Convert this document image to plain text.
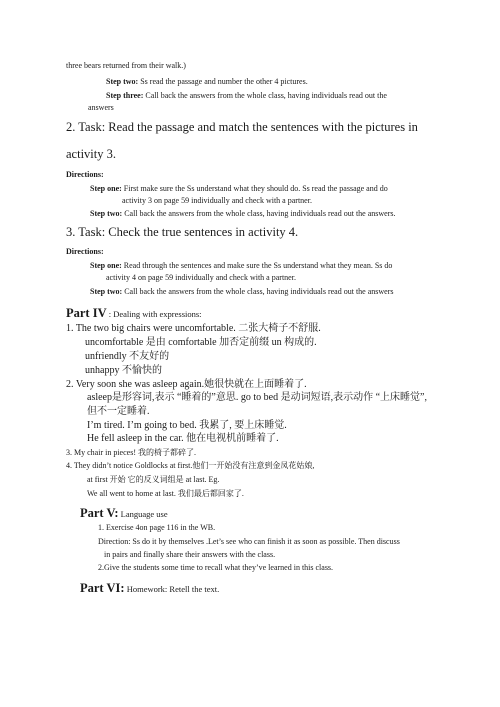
three bears returned from their walk.)
Step two: Ss read the passage and number the other 4 pictures.
Step three: Call back the answers from the whole class, having individuals read out the
answers
2. Task: Read the passage and match the sentences with the pictures in
activity 3.
Directions:
Step one: First make sure the Ss understand what they should do. Ss read the passage and do
activity 3 on page 59 individually and check with a partner.
Step two: Call back the answers from the whole class, having individuals read out the answers.
3. Task: Check the true sentences in activity 4.
Directions:
Step one: Read through the sentences and make sure the Ss understand what they mean. Ss do
activity 4 on page 59 individually and check with a partner.
Step two: Call back the answers from the whole class, having individuals read out the answers
Part IV : Dealing with expressions:
1. The two big chairs were uncomfortable. 二张大椅子不舒服.
uncomfortable 是由 comfortable 加否定前缀 un 构成的.
unfriendly 不友好的
unhappy 不愉快的
2. Very soon she was asleep again.她很快就在上面睡着了.
asleep是形容词,表示 “睡着的”意思. go to bed 是动词短语,表示动作 “上床睡觉”,
但不一定睡着.
I’m tired. I’m going to bed. 我累了, 要上床睡觉.
He fell asleep in the car. 他在电视机前睡着了.
3. My chair in pieces! 我的椅子都碎了.
4. They didn’t notice Goldlocks at first.他们一开始没有注意到金凤花姑娘,
at first 开始 它的反义词组是 at last. Eg.
We all went to home at last. 我们最后都回家了.
Part V: Language use
1. Exercise 4on page 116 in the WB.
Direction: Ss do it by themselves .Let’s see who can finish it as soon as possible. Then discuss
in pairs and finally share their answers with the class.
2.Give the students some time to recall what they’ve learned in this class.
Part VI: Homework: Retell the text.
